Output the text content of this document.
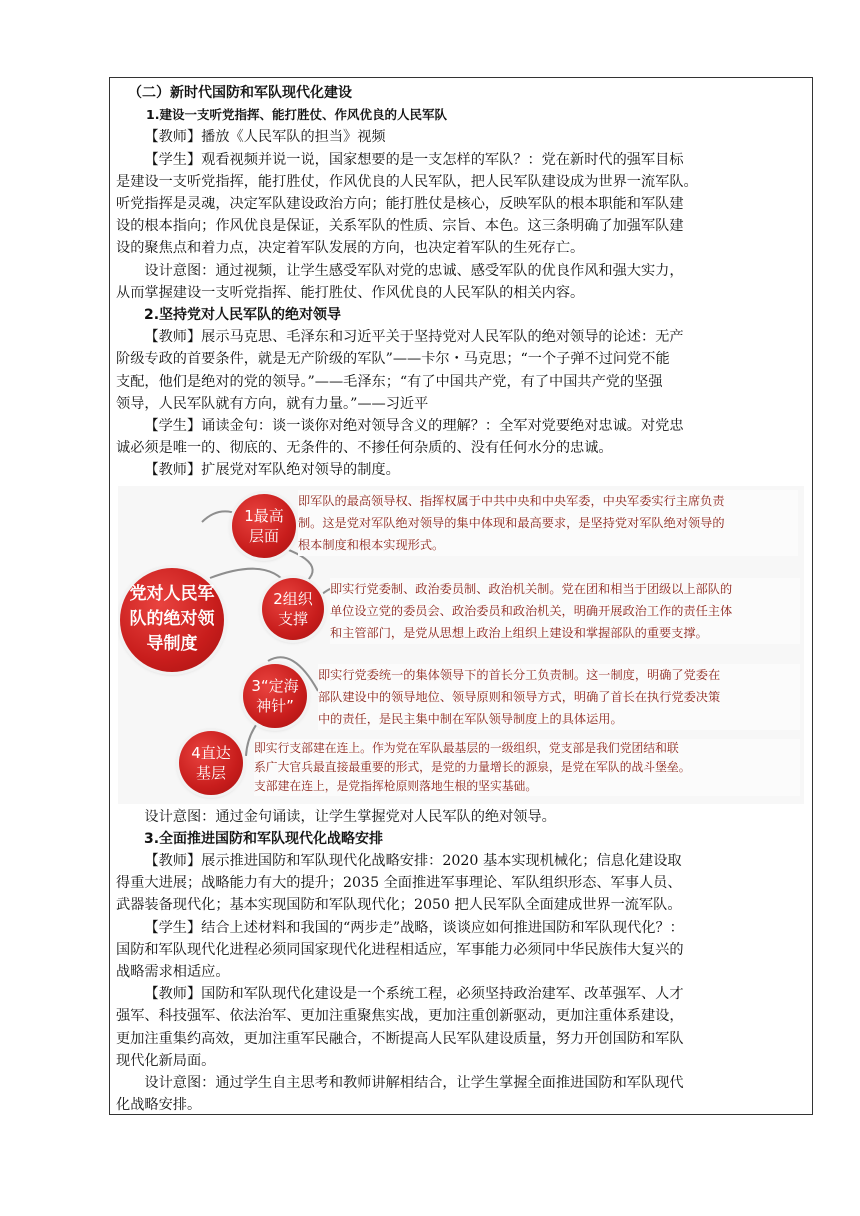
（二）新时代国防和军队现代化建设

1.建设一支听党指挥、能打胜仗、作风优良的人民军队

【教师】播放《人民军队的担当》视频

【学生】观看视频并说一说，国家想要的是一支怎样的军队？：党在新时代的强军目标
是建设一支听党指挥，能打胜仗，作风优良的人民军队，把人民军队建设成为世界一流军队。
听党指挥是灵魂，决定军队建设政治方向；能打胜仗是核心，反映军队的根本职能和军队建
设的根本指向；作风优良是保证，关系军队的性质、宗旨、本色。这三条明确了加强军队建
设的聚焦点和着力点，决定着军队发展的方向，也决定着军队的生死存亡。

设计意图：通过视频，让学生感受军队对党的忠诚、感受军队的优良作风和强大实力，
从而掌握建设一支听党指挥、能打胜仗、作风优良的人民军队的相关内容。

2.坚持党对人民军队的绝对领导

【教师】展示马克思、毛泽东和习近平关于坚持党对人民军队的绝对领导的论述：无产
阶级专政的首要条件，就是无产阶级的军队”——卡尔・马克思；“一个子弹不过问党不能
支配，他们是绝对的党的领导。”——毛泽东；“有了中国共产党，有了中国共产党的坚强
领导，人民军队就有方向，就有力量。”——习近平

【学生】诵读金句：谈一谈你对绝对领导含义的理解？：全军对党要绝对忠诚。对党忠
诚必须是唯一的、彻底的、无条件的、不掺任何杂质的、没有任何水分的忠诚。

【教师】扩展党对军队绝对领导的制度。

党对人民军
队的绝对领
导制度
1最高
层面
2组织
支撑
3“定海
神针”
4直达
基层
即军队的最高领导权、指挥权属于中共中央和中央军委，中央军委实行主席负责
制。这是党对军队绝对领导的集中体现和最高要求，是坚持党对军队绝对领导的
根本制度和根本实现形式。
即实行党委制、政治委员制、政治机关制。党在团和相当于团级以上部队的
单位设立党的委员会、政治委员和政治机关，明确开展政治工作的责任主体
和主管部门，是党从思想上政治上组织上建设和掌握部队的重要支撑。
即实行党委统一的集体领导下的首长分工负责制。这一制度，明确了党委在
部队建设中的领导地位、领导原则和领导方式，明确了首长在执行党委决策
中的责任，是民主集中制在军队领导制度上的具体运用。
即实行支部建在连上。作为党在军队最基层的一级组织，党支部是我们党团结和联
系广大官兵最直接最重要的形式，是党的力量增长的源泉，是党在军队的战斗堡垒。
支部建在连上，是党指挥枪原则落地生根的坚实基础。

设计意图：通过金句诵读，让学生掌握党对人民军队的绝对领导。

3.全面推进国防和军队现代化战略安排

【教师】展示推进国防和军队现代化战略安排：2020 基本实现机械化；信息化建设取
得重大进展；战略能力有大的提升；2035 全面推进军事理论、军队组织形态、军事人员、
武器装备现代化；基本实现国防和军队现代化；2050 把人民军队全面建成世界一流军队。

【学生】结合上述材料和我国的“两步走”战略，谈谈应如何推进国防和军队现代化？：
国防和军队现代化进程必须同国家现代化进程相适应，军事能力必须同中华民族伟大复兴的
战略需求相适应。

【教师】国防和军队现代化建设是一个系统工程，必须坚持政治建军、改革强军、人才
强军、科技强军、依法治军、更加注重聚焦实战，更加注重创新驱动，更加注重体系建设，
更加注重集约高效，更加注重军民融合，不断提高人民军队建设质量，努力开创国防和军队
现代化新局面。

设计意图：通过学生自主思考和教师讲解相结合，让学生掌握全面推进国防和军队现代
化战略安排。
